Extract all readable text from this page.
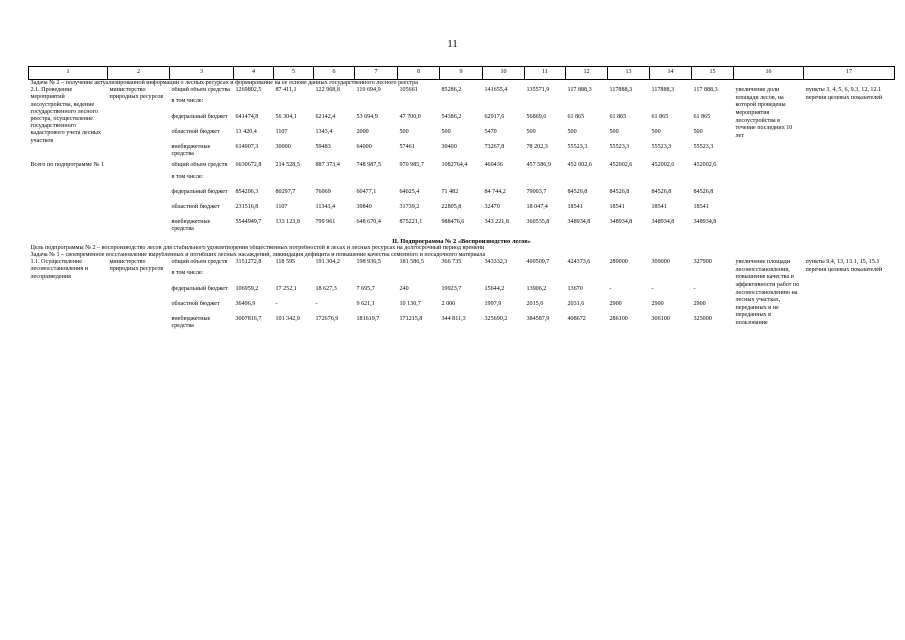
11
1	2	3	4	5	6	7	8	9	10	11	12	13	14	15	16	17
Задача № 2 – получение актуализированной информации о лесных ресурсах и формирование на ее основе данных государственного лесного реестра																
2.1. Проведение мероприятий лесоустройства, ведение государственного лесного реестра, осуществление государственного кадастрового учета лесных участков	министерство природных ресурсов	общий объем средства	1269802,5	87 411,1	122 968,8	119 694,9	105661	85286,2	141655,4	135571,9	117 888,3	117888,3	117888,3	117 888,3	увеличение доли площади лесов, на которой проведены мероприятия лесоустройства в течение последних 10 лет	пункты 3, 4, 5, 6, 9.3, 12, 12.1 перечня целевых показателей
		в том числе:														
		федеральный бюджет	641474,8	56 304,1	62142,4	53 694,9	47 700,0	54386,2	62917,6	56869,6	61 865	61 865	61 865	61 865		
		областной бюджет	13 420,4	1107	1343,4	2000	500	500	5470	500	500	500	500	500		
		внебюджетные средства	614907,3	30000	59483	64000	57461	30400	73267,8	78 202,3	55523,3	55523,3	55523,3	55523,3		
Всего по подпрограмме № 1		общий объем средств	6630672,8	214 528,5	887 373,4	748 987,5	970 985,7	1082764,4	460436	457 586,9	452 002,6	452002,6	452002,6	452002,6		
		в том числе:														
		федеральный бюджет	854206,3	80297,7	76069	60477,1	64025,4	71 482	84 744,2	79003,7	84526,8	84526,8	84526,8	84526,8		
		областной бюджет	231516,8	1107	11343,4	39840	31739,2	22805,8	32470	18 047,4	18541	18541	18541	18541		
		внебюджетные средства	5544949,7	133 123,8	799 961	648 670,4	875221,1	988476,6	343 221,8	360535,8	348934,8	348934,8	348934,8	348934,8		
II. Подпрограмма № 2 «Воспроизводство лесов»																
Цель подпрограммы № 2 – воспроизводство лесов для стабильного удовлетворения общественных потребностей в лесах и лесных ресурсах на долгосрочный период времени																
Задача № 1 – своевременное восстановление вырубленных и погибших лесных насаждений, ликвидация дефицита и повышение качества семенного и посадочного материала																
1.1. Осуществление лесовосстановления и лесоразведения	министерство природных ресурсов	общий объем средств	3151272,8	118 595	191 304,2	198 936,5	181 586,5	366 735	343332,3	400509,7	424373,6	289000	309000	327900	увеличение площади лесовосстановления, повышение качества и эффективности работ по лесовосстановлению на лесных участках, переданных и не переданных в пользование	пункты 9.4, 13, 13.1, 15, 15.1 перечня целевых показателей
		в том числе:														
		федеральный бюджет	106959,2	17 252,1	18 627,3	7 695,7	240	19923,7	15644,2	13906,2	13670	-	-	-		
		областной бюджет	36496,9	-	-	9 621,1	10 130,7	2 000	1997,9	2015,6	2031,6	2900	2900	2900		
		внебюджетные средства	3007816,7	101 342,9	172676,9	181619,7	171215,8	344 811,3	325690,2	384587,9	408672	286100	306100	325000		
